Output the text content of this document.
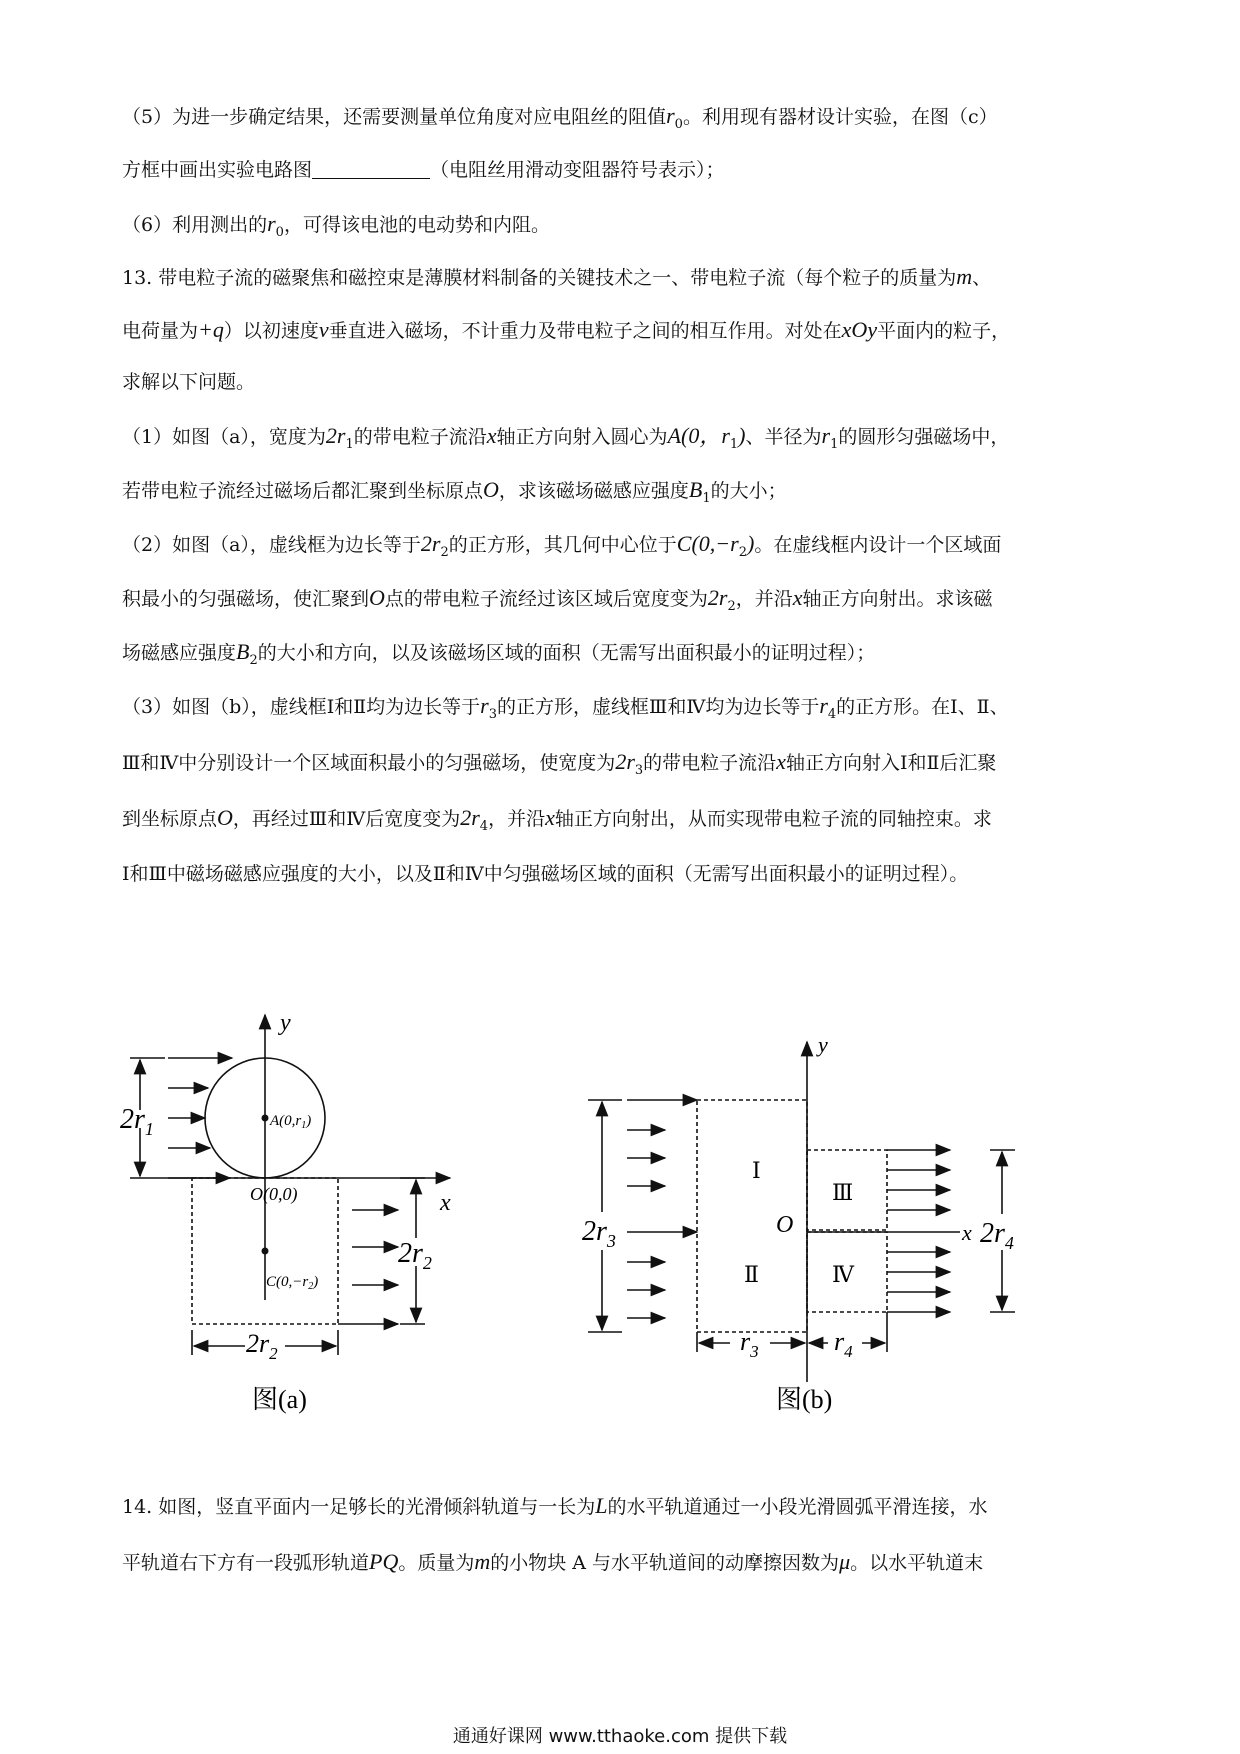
（5）为进一步确定结果，还需要测量单位角度对应电阻丝的阻值$r_0$。利用现有器材设计实验，在图（c）
方框中画出实验电路图	（电阻丝用滑动变阻器符号表示）；
（6）利用测出的$r_0$，可得该电池的电动势和内阻。
13. 带电粒子流的磁聚焦和磁控束是薄膜材料制备的关键技术之一、带电粒子流（每个粒子的质量为m、
电荷量为+q）以初速度v垂直进入磁场，不计重力及带电粒子之间的相互作用。对处在xOy平面内的粒子，
求解以下问题。
（1）如图（a），宽度为$2r_1$的带电粒子流沿x轴正方向射入圆心为A(0，$r_1$)、半径为$r_1$的圆形匀强磁场中，
若带电粒子流经过磁场后都汇聚到坐标原点O，求该磁场磁感应强度$B_1$的大小；
（2）如图（a），虚线框为边长等于$2r_2$的正方形，其几何中心位于$C(0,-r_2)$。在虚线框内设计一个区域面
积最小的匀强磁场，使汇聚到O点的带电粒子流经过该区域后宽度变为$2r_2$，并沿x轴正方向射出。求该磁
场磁感应强度$B_2$的大小和方向，以及该磁场区域的面积（无需写出面积最小的证明过程）；
（3）如图（b），虚线框Ⅰ和Ⅱ均为边长等于$r_3$的正方形，虚线框Ⅲ和Ⅳ均为边长等于$r_4$的正方形。在Ⅰ、Ⅱ、
Ⅲ和Ⅳ中分别设计一个区域面积最小的匀强磁场，使宽度为$2r_3$的带电粒子流沿x轴正方向射入Ⅰ和Ⅱ后汇聚
到坐标原点O，再经过Ⅲ和Ⅳ后宽度变为$2r_4$，并沿x轴正方向射出，从而实现带电粒子流的同轴控束。求
Ⅰ和Ⅲ中磁场磁感应强度的大小，以及Ⅱ和Ⅳ中匀强磁场区域的面积（无需写出面积最小的证明过程）。
y
x
$A(0,r_1)$
O(0,0)
$C(0,-r_2)$
$2r_1$
$2r_2$
$2r_2$
图(a)
y
x
O
Ⅰ
Ⅱ
Ⅲ
Ⅳ
$2r_3$	$2r_4$
$r_3$	$r_4$
图(b)
14. 如图，竖直平面内一足够长的光滑倾斜轨道与一长为L的水平轨道通过一小段光滑圆弧平滑连接，水
平轨道右下方有一段弧形轨道PQ。质量为m的小物块 A 与水平轨道间的动摩擦因数为μ。以水平轨道末
通通好课网 www.tthaoke.com 提供下载
